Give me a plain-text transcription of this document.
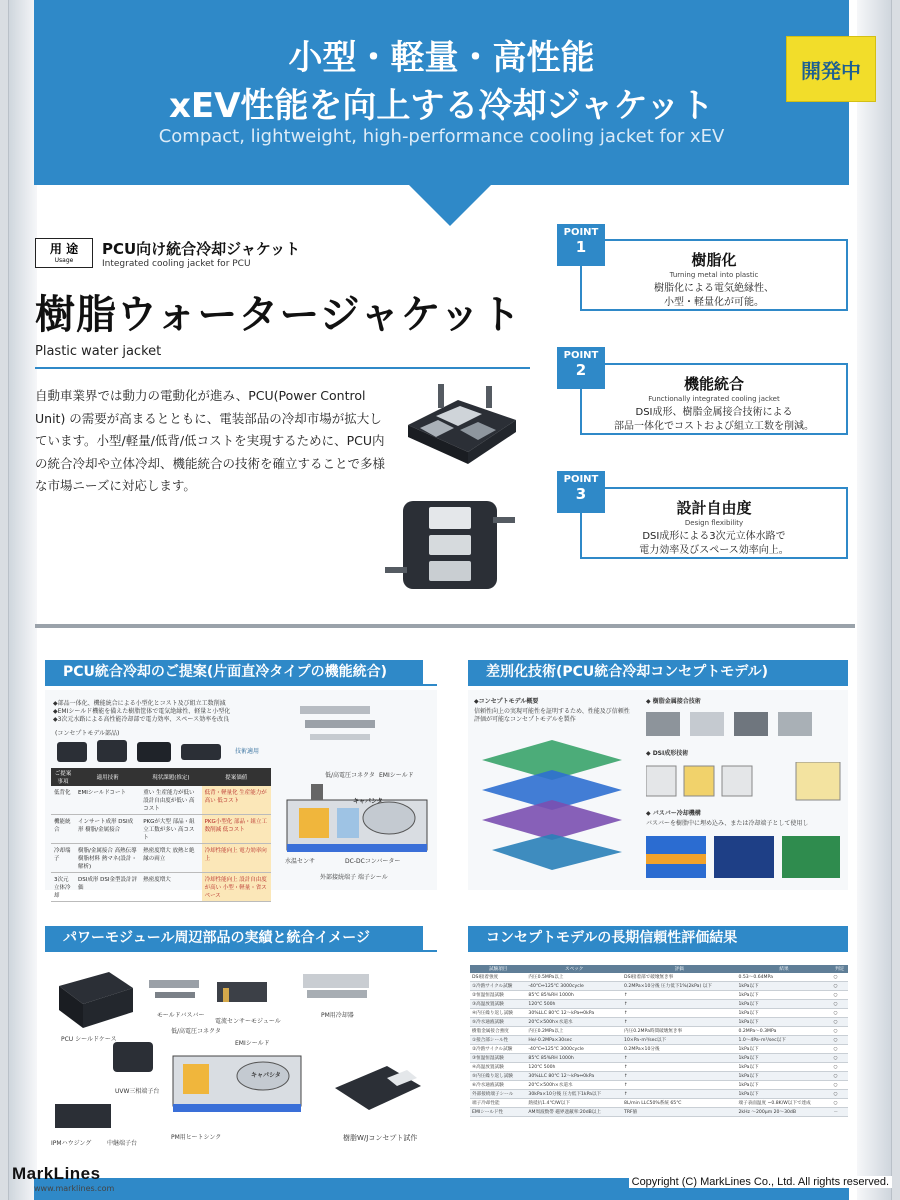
小型・軽量・高性能
xEV性能を向上する冷却ジャケット
Compact, lightweight, high-performance cooling jacket for xEV
開発中
用 途
Usage
PCU向け統合冷却ジャケット
Integrated cooling jacket for PCU
樹脂ウォータージャケット
Plastic water jacket
自動車業界では動力の電動化が進み、PCU(Power Control Unit) の需要が高まるとともに、電装部品の冷却市場が拡大しています。小型/軽量/低背/低コストを実現するために、PCU内の統合冷却や立体冷却、機能統合の技術を確立することで多様な市場ニーズに対応します。
樹脂化
Turning metal into plastic
樹脂化による電気絶縁性、
小型・軽量化が可能。
POINT
1
機能統合
Functionally integrated cooling jacket
DSI成形、樹脂金属接合技術による
部品一体化でコストおよび組立工数を削減。
POINT
2
設計自由度
Design flexibility
DSI成形による3次元立体水路で
電力効率及びスペース効率向上。
POINT
3
PCU統合冷却のご提案(片面直冷タイプの機能統合)
◆部品一体化、機能統合による小型化とコスト及び組立工数削減
◆EMIシールド機能を備えた樹脂筐体で電気絶縁性、軽量と小型化
◆3次元水路による高性能冷却部で電力効率、スペース効率を改良
(コンセプトモデル部品)
技術適用
ご提案事項	適用技術	現状課題(推定)	提案価値
低背化	EMIシールドコート	重い 生産能力が低い 設計自由度が低い 高コスト	低背・軽量化 生産能力が高い 低コスト
機能統合	インサート成形 DSI成形 樹脂/金属接合	PKGが大型 部品・組立工数が多い 高コスト	PKG小型化 部品・組立工数削減 低コスト
冷却端子	樹脂/金属接合 高熱伝導樹脂材料 熱マネ(設計・解析)	熱密度増大 放熱と絶縁の両立	冷却性能向上 電力効率向上
3次元立体冷却	DSI成形 DSI金型設計評価	熱密度増大	冷却性能向上 設計自由度が高い 小型・軽量・省スペース
キャパシタ
低/高電圧コネクタ EMIシールド
水温センサ	DC-DCコンバーター
外部接続端子 端子シール
差別化技術(PCU統合冷却コンセプトモデル)
◆コンセプトモデル概要
信頼性向上の実現可能性を証明するため、性能及び信頼性評価が可能なコンセプトモデルを製作
◆ 樹脂金属接合技術
◆ DSI成形技術
◆ バスバー冷却機構
バスバーを樹脂中に埋め込み、または冷却端子として使用し
パワーモジュール周辺部品の実績と統合イメージ
PCU シールドケース
モールドバスバー
電流センサーモジュール
PM用冷却器
UVW三相端子台
IPMハウジング	中継端子台
キャパシタ
低/高電圧コネクタ
EMIシールド
PM用ヒートシンク	樹脂W/Jコンセプト試作
コンセプトモデルの長期信頼性評価結果
試験項目	スペック	評価	結果	判定
DSI接着強度	内圧0.5MPa以上	DSI接着部で破壊無き事	0.53～0.64MPa	○
①冷熱サイクル試験	-40℃⇔125℃ 3000cycle	0.2MPa×10分後 圧力低下1%(2kPa) 以下	1kPa以下	○
②恒温恒湿試験	85℃ 85%RH 1000h	↑	1kPa以下	○
③高温放置試験	120℃ 500h	↑	1kPa以下	○
④内圧繰り返し試験	30%LLC 80℃ 12～kPa⇔0kPa	↑	1kPa以下	○
⑤冷水通液試験	20℃×500h×水道水	↑	1kPa以下	○
樹脂金属接合強度	内圧0.2MPa以上	内圧0.2MPa時間破壊無き事	0.2MPa～0.3MPa	○
①接合部シール性	He/-0.2MPa×30sec	10×Pa･m³/sec以下	1.0～4Pa･m³/sec以下	○
②冷熱サイクル試験	-40℃⇔125℃ 3000cycle	0.2MPa×10分後	1kPa以下	○
③恒温恒湿試験	85℃ 85%RH 1000h	↑	1kPa以下	○
④高温放置試験	120℃ 500h	↑	1kPa以下	○
⑤内圧繰り返し試験	30%LLC 80℃ 12～kPa⇔0kPa	↑	1kPa以下	○
⑥冷水通液試験	20℃×500h×水道水	↑	1kPa以下	○
外部接続端子シール	30kPa×10分後 圧力低下1kPa以下	↑	1kPa以下	○
端子冷却性能	熱抵抗1.4℃/W以下	8L/min LLC50%系統 65℃	端子表面温度 ~0.8K/W以下で達成	○
EMIシールド性	AM周波数帯 磁界遮蔽率:20dB以上	TRF値	2kHz ～200μm 20～30dB	－
MarkLines
www.marklines.com
Copyright (C) MarkLines Co., Ltd. All rights reserved.
